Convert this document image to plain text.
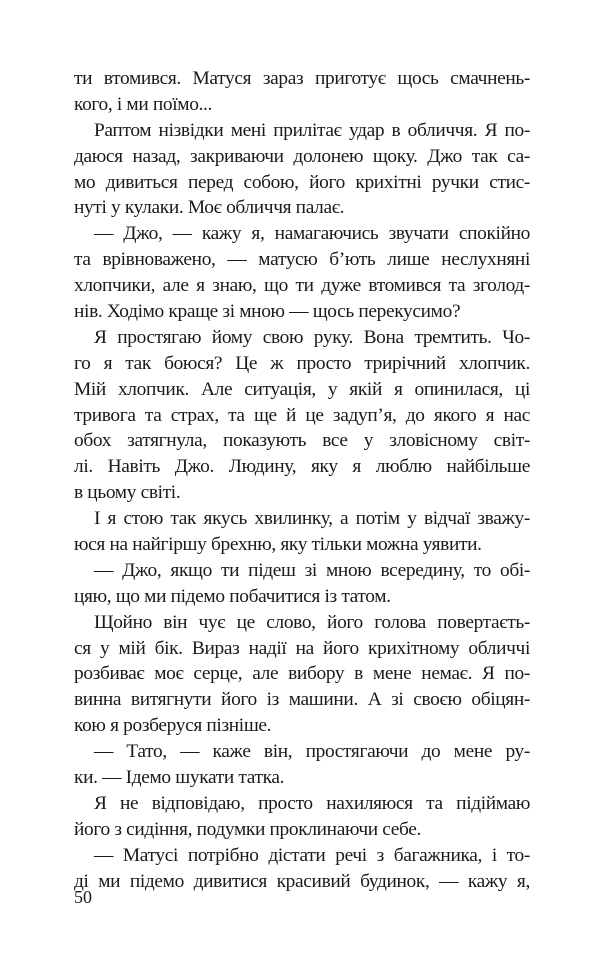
ти втомився. Матуся зараз приготує щось смачнень-
кого, і ми поїмо...
Раптом нізвідки мені прилітає удар в обличчя. Я по-
даюся назад, закриваючи долонею щоку. Джо так са-
мо дивиться перед собою, його крихітні ручки стис-
нуті у кулаки. Моє обличчя палає.
— Джо, — кажу я, намагаючись звучати спокійно
та врівноважено, — матусю б’ють лише неслухняні
хлопчики, але я знаю, що ти дуже втомився та зголод-
нів. Ходімо краще зі мною — щось перекусимо?
Я простягаю йому свою руку. Вона тремтить. Чо-
го я так боюся? Це ж просто трирічний хлопчик.
Мій хлопчик. Але ситуація, у якій я опинилася, ці
тривога та страх, та ще й це задуп’я, до якого я нас
обох затягнула, показують все у зловісному світ-
лі. Навіть Джо. Людину, яку я люблю найбільше
в цьому світі.
І я стою так якусь хвилинку, а потім у відчаї зважу-
юся на найгіршу брехню, яку тільки можна уявити.
— Джо, якщо ти підеш зі мною всередину, то обі-
цяю, що ми підемо побачитися із татом.
Щойно він чує це слово, його голова повертаєть-
ся у мій бік. Вираз надії на його крихітному обличчі
розбиває моє серце, але вибору в мене немає. Я по-
винна витягнути його із машини. А зі своєю обіцян-
кою я розберуся пізніше.
— Тато, — каже він, простягаючи до мене ру-
ки. — Ідемо шукати татка.
Я не відповідаю, просто нахиляюся та підіймаю
його з сидіння, подумки проклинаючи себе.
— Матусі потрібно дістати речі з багажника, і то-
ді ми підемо дивитися красивий будинок, — кажу я,
50
